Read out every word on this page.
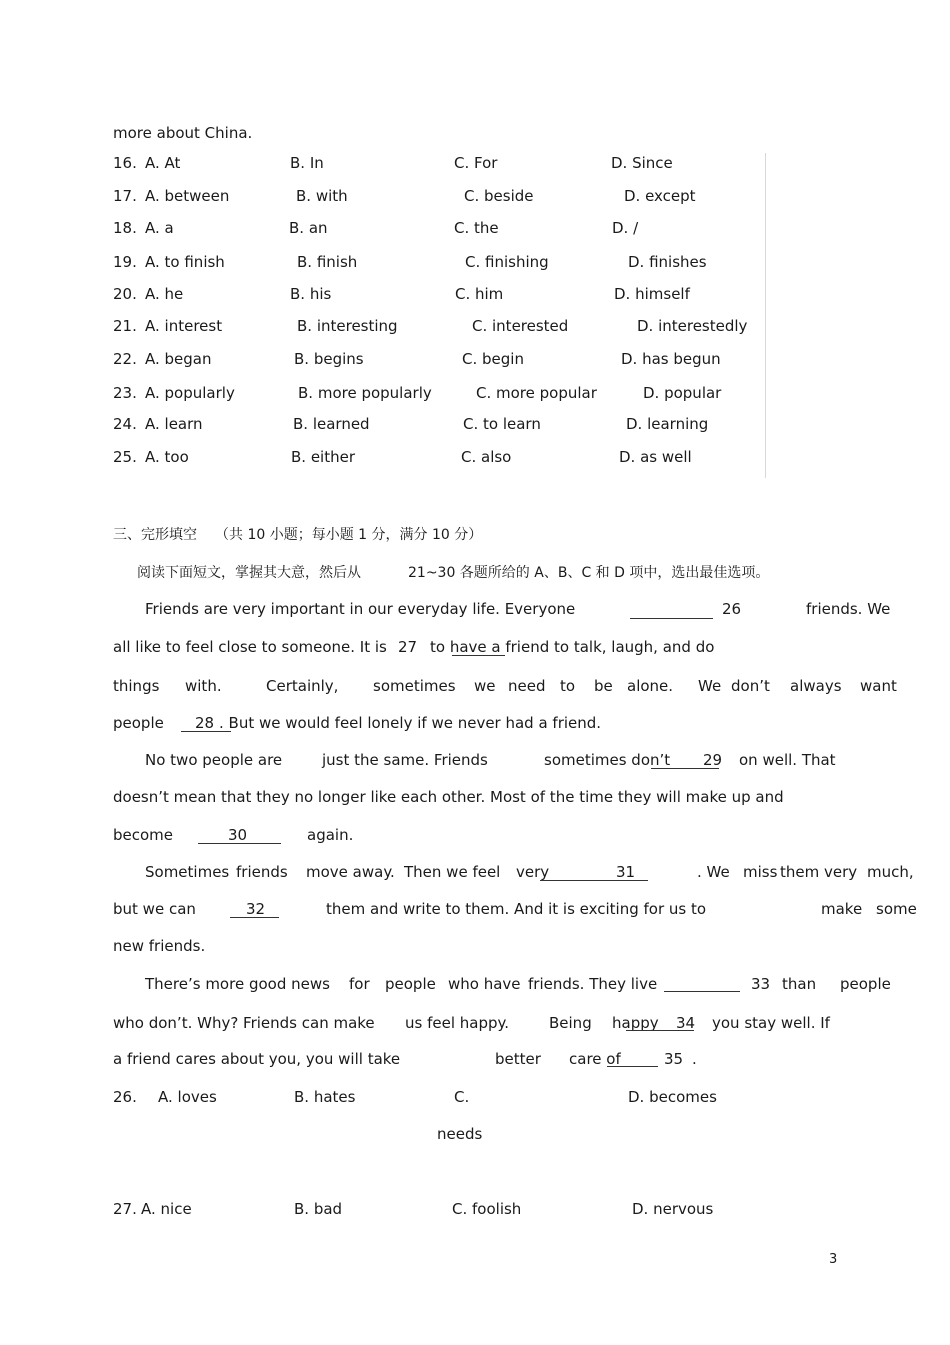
more about China.
16. A. At	B. In	C. For	D. Since
17. A. between	B. with	C. beside	D. except
18. A. a	B. an	C. the	D. /
19. A. to finish	B. finish	C. finishing	D. finishes
20. A. he	B. his	C. him	D. himself
21. A. interest	B. interesting	C. interested	D. interestedly
22. A. began	B. begins	C. begin	D. has begun
23. A. popularly	B. more popularly	C. more popular	D. popular
24. A. learn	B. learned	C. to learn	D. learning
25. A. too	B. either	C. also	D. as well
三、完形填空 （共 10 小题；每小题 1 分，满分 10 分）
阅读下面短文，掌握其大意，然后从	21~30 各题所给的 A、B、C 和 D 项中，选出最佳选项。
Friends are very important in our everyday life. Everyone	26	friends. We
all like to feel close to someone. It is 27 to have a friend to talk, laugh, and do
things with.	Certainly, sometimes we need to be alone. We don’t always want
people 28 . But we would feel lonely if we never had a friend.
No two people are	just the same. Friends	sometimes don’t 29 on well. That
doesn’t mean that they no longer like each other. Most of the time they will make up and
become	30	again.
Sometimes friends move away. Then we feel very	31	. We miss them very much,
but we can	32	them and write to them. And it is exciting for us to	make some
new friends.
There’s more good news for people who have friends. They live	33 than people
who don’t. Why? Friends can make us feel happy.	Being happy 34 you stay well. If
a friend cares about you, you will take	better care of	35 .
26. A. loves	B. hates	C.	D. becomes
needs
27. A. nice	B. bad	C. foolish	D. nervous
3
